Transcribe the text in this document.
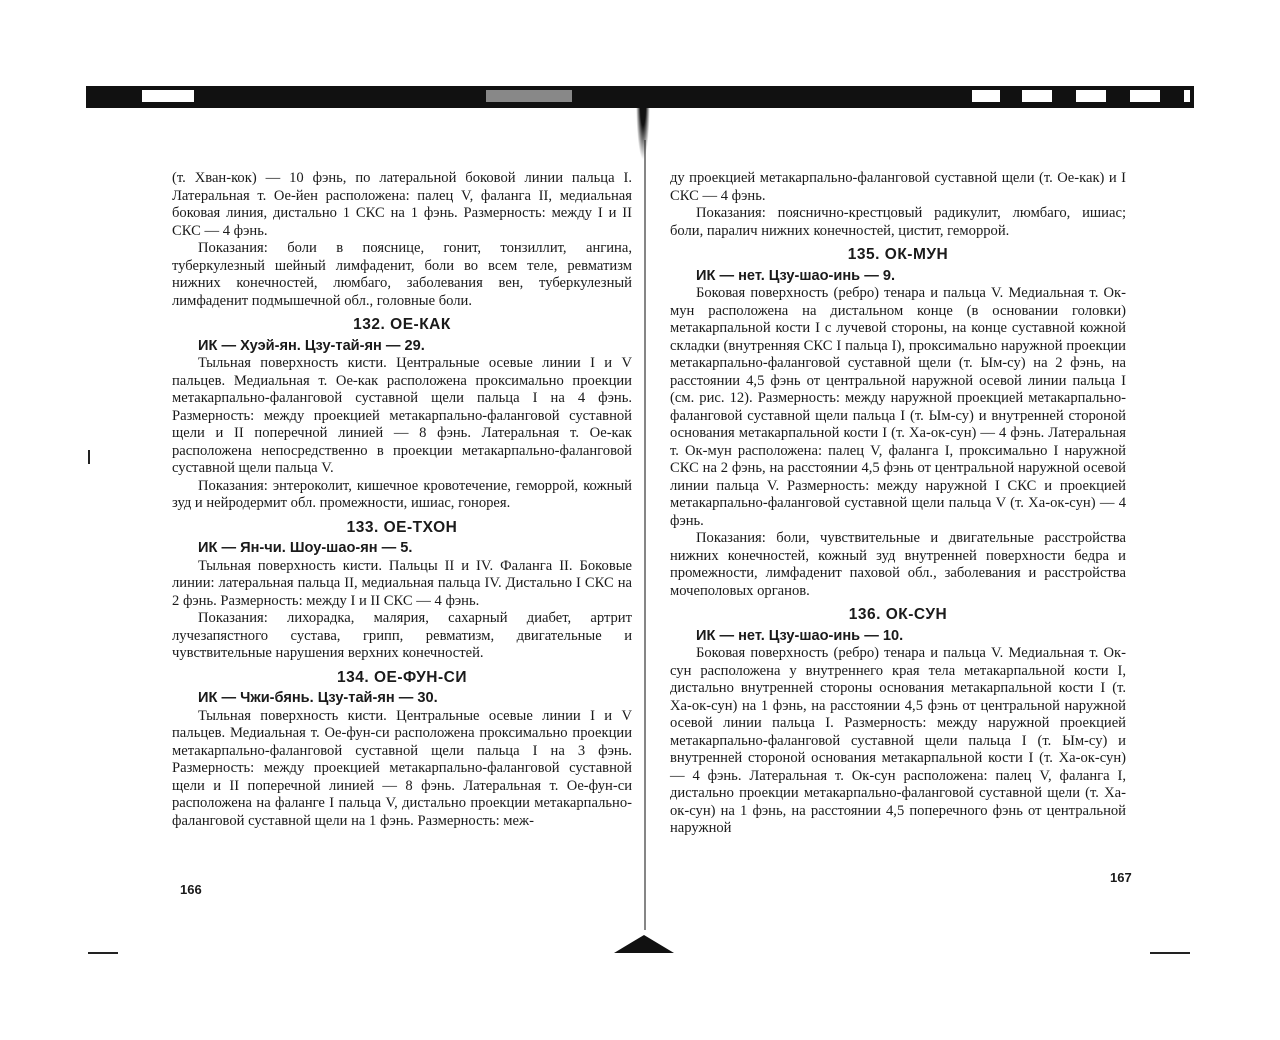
(т. Хван-кок) — 10 фэнь, по латеральной боковой линии пальца I. Латеральная т. Ое-йен расположена: палец V, фаланга II, медиальная боковая линия, дистально 1 СКС на 1 фэнь. Размерность: между I и II СКС — 4 фэнь.

Показания: боли в пояснице, гонит, тонзиллит, ангина, туберкулезный шейный лимфаденит, боли во всем теле, ревматизм нижних конечностей, люмбаго, заболевания вен, туберкулезный лимфаденит подмышечной обл., головные боли.

132. ОЕ-КАК
ИК — Хуэй-ян. Цзу-тай-ян — 29.

Тыльная поверхность кисти. Центральные осевые линии I и V пальцев. Медиальная т. Ое-как расположена проксимально проекции метакарпально-фаланговой суставной щели пальца I на 4 фэнь. Размерность: между проекцией метакарпально-фаланговой суставной щели и II поперечной линией — 8 фэнь. Латеральная т. Ое-как расположена непосредственно в проекции метакарпально-фаланговой суставной щели пальца V.

Показания: энтероколит, кишечное кровотечение, геморрой, кожный зуд и нейродермит обл. промежности, ишиас, гонорея.

133. ОЕ-ТХОН
ИК — Ян-чи. Шоу-шао-ян — 5.

Тыльная поверхность кисти. Пальцы II и IV. Фаланга II. Боковые линии: латеральная пальца II, медиальная пальца IV. Дистально I СКС на 2 фэнь. Размерность: между I и II СКС — 4 фэнь.

Показания: лихорадка, малярия, сахарный диабет, артрит лучезапястного сустава, грипп, ревматизм, двигательные и чувствительные нарушения верхних конечностей.

134. ОЕ-ФУН-СИ
ИК — Чжи-бянь. Цзу-тай-ян — 30.

Тыльная поверхность кисти. Центральные осевые линии I и V пальцев. Медиальная т. Ое-фун-си расположена проксимально проекции метакарпально-фаланговой суставной щели пальца I на 3 фэнь. Размерность: между проекцией метакарпально-фаланговой суставной щели и II поперечной линией — 8 фэнь. Латеральная т. Ое-фун-си расположена на фаланге I пальца V, дистально проекции метакарпально-фаланговой суставной щели на 1 фэнь. Размерность: меж-

166

ду проекцией метакарпально-фаланговой суставной щели (т. Ое-как) и I СКС — 4 фэнь.

Показания: пояснично-крестцовый радикулит, люмбаго, ишиас; боли, паралич нижних конечностей, цистит, геморрой.

135. ОК-МУН
ИК — нет. Цзу-шао-инь — 9.

Боковая поверхность (ребро) тенара и пальца V. Медиальная т. Ок-мун расположена на дистальном конце (в основании головки) метакарпальной кости I с лучевой стороны, на конце суставной кожной складки (внутренняя СКС I пальца I), проксимально наружной проекции метакарпально-фаланговой суставной щели (т. Ым-су) на 2 фэнь, на расстоянии 4,5 фэнь от центральной наружной осевой линии пальца I (см. рис. 12). Размерность: между наружной проекцией метакарпально-фаланговой суставной щели пальца I (т. Ым-су) и внутренней стороной основания метакарпальной кости I (т. Ха-ок-сун) — 4 фэнь. Латеральная т. Ок-мун расположена: палец V, фаланга I, проксимально I наружной СКС на 2 фэнь, на расстоянии 4,5 фэнь от центральной наружной осевой линии пальца V. Размерность: между наружной I СКС и проекцией метакарпально-фаланговой суставной щели пальца V (т. Ха-ок-сун) — 4 фэнь.

Показания: боли, чувствительные и двигательные расстройства нижних конечностей, кожный зуд внутренней поверхности бедра и промежности, лимфаденит паховой обл., заболевания и расстройства мочеполовых органов.

136. ОК-СУН
ИК — нет. Цзу-шао-инь — 10.

Боковая поверхность (ребро) тенара и пальца V. Медиальная т. Ок-сун расположена у внутреннего края тела метакарпальной кости I, дистально внутренней стороны основания метакарпальной кости I (т. Ха-ок-сун) на 1 фэнь, на расстоянии 4,5 фэнь от центральной наружной осевой линии пальца I. Размерность: между наружной проекцией метакарпально-фаланговой суставной щели пальца I (т. Ым-су) и внутренней стороной основания метакарпальной кости I (т. Ха-ок-сун) — 4 фэнь. Латеральная т. Ок-сун расположена: палец V, фаланга I, дистально проекции метакарпально-фаланговой суставной щели (т. Ха-ок-сун) на 1 фэнь, на расстоянии 4,5 поперечного фэнь от центральной наружной

167
